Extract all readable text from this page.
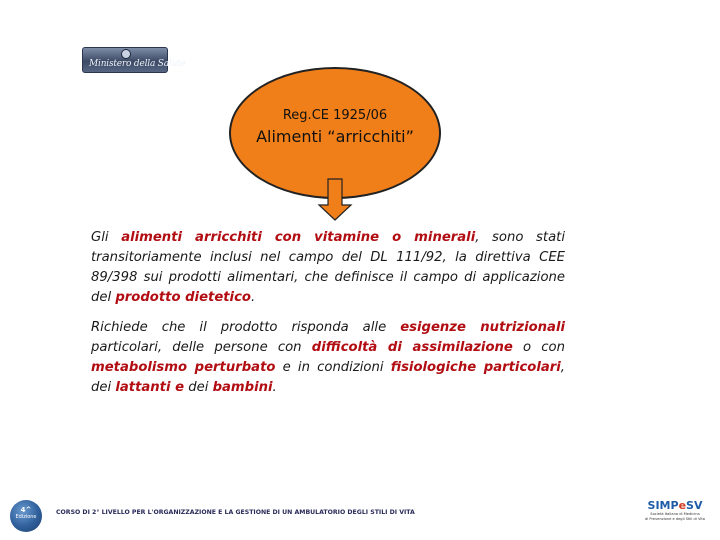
Ministero della Salute
Reg.CE 1925/06
Alimenti “arricchiti”

Gli alimenti arricchiti con vitamine o minerali, sono stati transitoriamente inclusi nel campo del DL 111/92, la direttiva CEE 89/398 sui prodotti alimentari, che definisce il campo di applicazione del prodotto dietetico.

Richiede che il prodotto risponda alle esigenze nutrizionali particolari, delle persone con difficoltà di assimilazione o con metabolismo perturbato e in condizioni fisiologiche particolari, dei lattanti e dei bambini.

4^
Edizione
CORSO DI 2° LIVELLO PER L'ORGANIZZAZIONE E LA GESTIONE DI UN AMBULATORIO DEGLI STILI DI VITA
SIMPeSV
Società Italiana di Medicina
di Prevenzione e degli Stili di Vita
